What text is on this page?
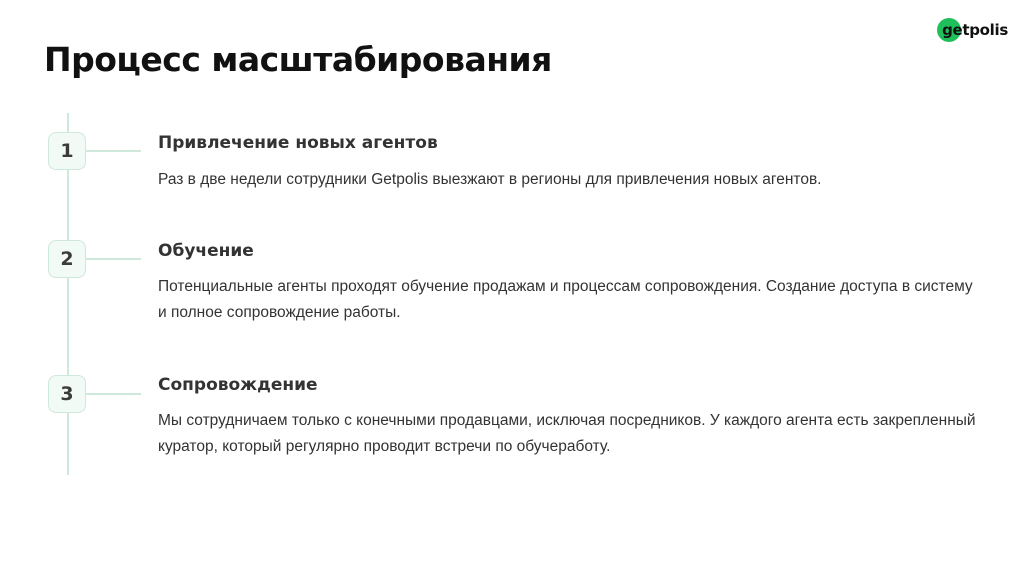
getpolis
Процесс масштабирования
1	Привлечение новых агентов

Раз в две недели сотрудники Getpolis выезжают в регионы для привлечения новых агентов.

2	Обучение

Потенциальные агенты проходят обучение продажам и процессам сопровождения. Создание доступа в систему и полное сопровождение работы.

3	Сопровождение

Мы сотрудничаем только с конечными продавцами, исключая посредников. У каждого агента есть закрепленный куратор, который регулярно проводит встречи по обучеработу.
